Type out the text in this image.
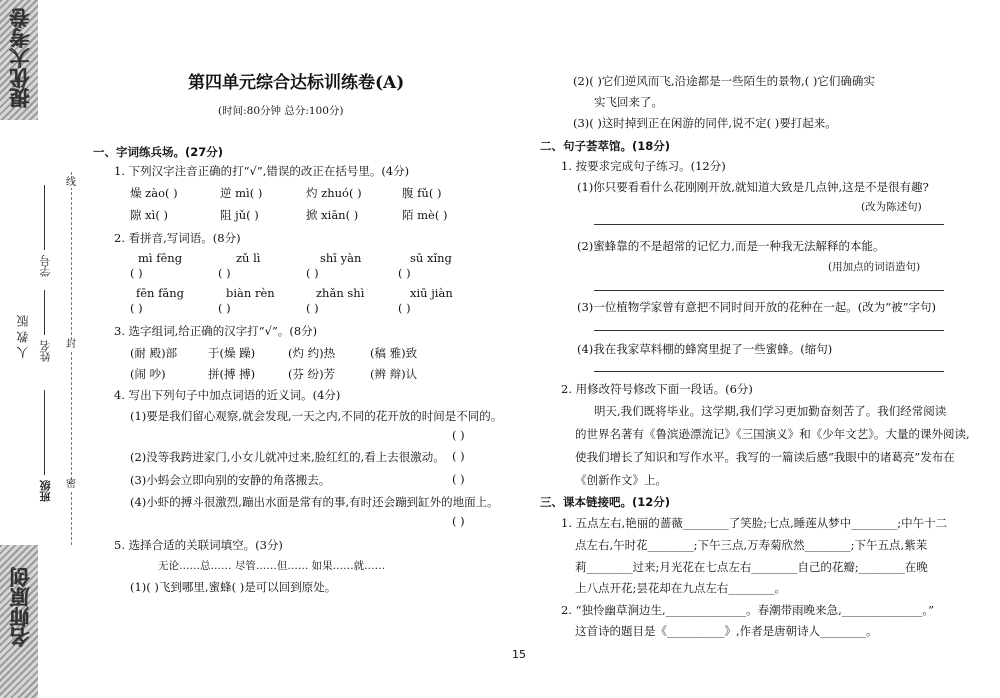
提优大考卷
名师原创
人 教 版
班级
姓名
学号
线
封
密
第四单元综合达标训练卷(A)
(时间:80分钟 总分:100分)
一、字词练兵场。(27分)
1. 下列汉字注音正确的打“√”,错误的改正在括号里。(4分)
燥 zào( )	逆 mì( )	灼 zhuó( )	腹 fǔ( )
隙 xì( )	阻 jǔ( )	掀 xiān( )	陌 mè( )
2. 看拼音,写词语。(8分)
mì fēng	zǔ lì	shī yàn	sū xǐng
( )	( )	( )	( )
fēn fāng	biàn rèn	zhǎn shì	xiū jiàn
( )	( )	( )	( )
3. 选字组词,给正确的汉字打“√”。(8分)
(耐 殿)部	于(燥 躁)	(灼 约)热	(稿 雅)致
(闹 吵)	拼(搏 搏)	(芬 纷)芳	(辨 辩)认
4. 写出下列句子中加点词语的近义词。(4分)
(1)要是我们留心观察,就会发现,一天之内,不同的花开放的时间是不同的。
( )
(2)没等我跨进家门,小女儿就冲过来,脸红红的,看上去很激动。 ( )
(3)小蚂会立即向别的安静的角落搬去。	( )
(4)小虾的搏斗很激烈,蹦出水面是常有的事,有时还会蹦到缸外的地面上。
( )
5. 选择合适的关联词填空。(3分)
无论……总…… 尽管……但…… 如果……就……
(1)( )飞到哪里,蜜蜂( )是可以回到原处。
(2)( )它们逆风而飞,沿途都是一些陌生的景物,( )它们确确实
实飞回来了。
(3)( )这时掉到正在闲游的同伴,说不定( )要打起来。
二、句子荟萃馆。(18分)
1. 按要求完成句子练习。(12分)
(1)你只要看看什么花刚刚开放,就知道大致是几点钟,这是不是很有趣?
(改为陈述句)
(2)蜜蜂靠的不是超常的记忆力,而是一种我无法解释的本能。
(用加点的词语造句)
(3)一位植物学家曾有意把不同时间开放的花种在一起。(改为“被”字句)
(4)我在我家草料棚的蜂窝里捉了一些蜜蜂。(缩句)
2. 用修改符号修改下面一段话。(6分)
明天,我们既将毕业。这学期,我们学习更加勤奋刻苦了。我们经常阅读
的世界名著有《鲁滨逊漂流记》《三国演义》和《少年文艺》。大量的课外阅读,
使我们增长了知识和写作水平。我写的一篇读后感“我眼中的诸葛亮”发布在
《创新作文》上。
三、课本链接吧。(12分)
1. 五点左右,艳丽的蔷薇________了笑脸;七点,睡莲从梦中________;中午十二
点左右,午时花________;下午三点,万寿菊欣然________;下午五点,紫茉
莉________过来;月光花在七点左右________自己的花瓣;________在晚
上八点开花;昙花却在九点左右________。
2. “独怜幽草涧边生,______________。春潮带雨晚来急,______________。”
这首诗的题目是《__________》,作者是唐朝诗人________。
15
